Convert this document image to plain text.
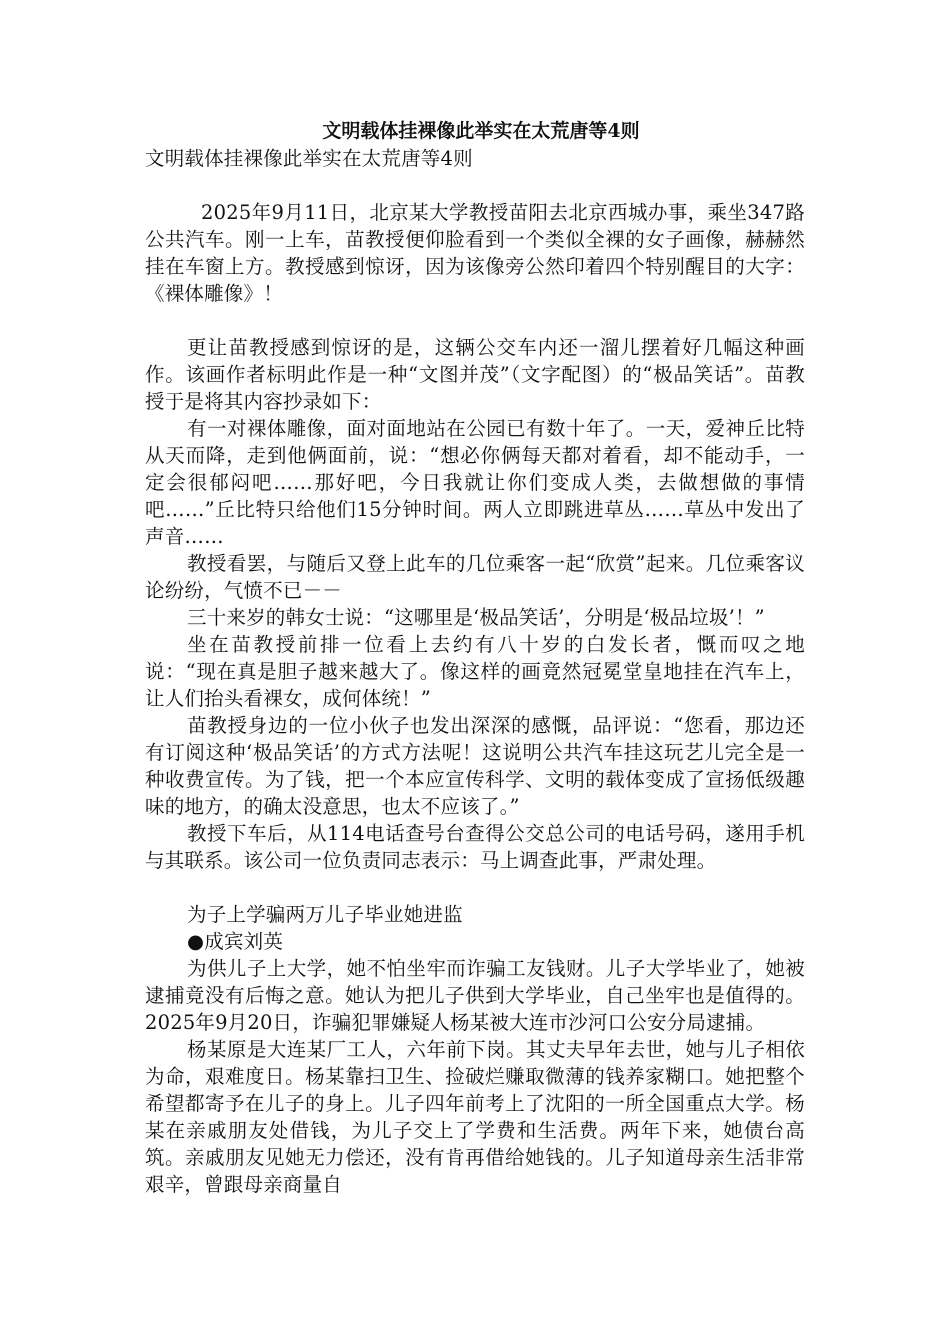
文明载体挂裸像此举实在太荒唐等4则

文明载体挂裸像此举实在太荒唐等4则

2025年9月11日，北京某大学教授苗阳去北京西城办事，乘坐347路公共汽车。刚一上车，苗教授便仰脸看到一个类似全裸的女子画像，赫赫然挂在车窗上方。教授感到惊讶，因为该像旁公然印着四个特别醒目的大字：《裸体雕像》！

更让苗教授感到惊讶的是，这辆公交车内还一溜儿摆着好几幅这种画作。该画作者标明此作是一种“文图并茂”（文字配图）的“极品笑话”。苗教授于是将其内容抄录如下：

有一对裸体雕像，面对面地站在公园已有数十年了。一天，爱神丘比特从天而降，走到他俩面前，说：“想必你俩每天都对着看，却不能动手，一定会很郁闷吧……那好吧，今日我就让你们变成人类，去做想做的事情吧……”丘比特只给他们15分钟时间。两人立即跳进草丛……草丛中发出了声音……

教授看罢，与随后又登上此车的几位乘客一起“欣赏”起来。几位乘客议论纷纷，气愤不已－－

三十来岁的韩女士说：“这哪里是‘极品笑话’，分明是‘极品垃圾’！”

坐在苗教授前排一位看上去约有八十岁的白发长者，慨而叹之地说：“现在真是胆子越来越大了。像这样的画竟然冠冕堂皇地挂在汽车上，让人们抬头看裸女，成何体统！”

苗教授身边的一位小伙子也发出深深的感慨，品评说：“您看，那边还有订阅这种‘极品笑话’的方式方法呢！这说明公共汽车挂这玩艺儿完全是一种收费宣传。为了钱，把一个本应宣传科学、文明的载体变成了宣扬低级趣味的地方，的确太没意思，也太不应该了。”

教授下车后，从114电话查号台查得公交总公司的电话号码，遂用手机与其联系。该公司一位负责同志表示：马上调查此事，严肃处理。

为子上学骗两万儿子毕业她进监

●成宾刘英

为供儿子上大学，她不怕坐牢而诈骗工友钱财。儿子大学毕业了，她被逮捕竟没有后悔之意。她认为把儿子供到大学毕业，自己坐牢也是值得的。2025年9月20日，诈骗犯罪嫌疑人杨某被大连市沙河口公安分局逮捕。

杨某原是大连某厂工人，六年前下岗。其丈夫早年去世，她与儿子相依为命，艰难度日。杨某靠扫卫生、捡破烂赚取微薄的钱养家糊口。她把整个希望都寄予在儿子的身上。儿子四年前考上了沈阳的一所全国重点大学。杨某在亲戚朋友处借钱，为儿子交上了学费和生活费。两年下来，她债台高筑。亲戚朋友见她无力偿还，没有肯再借给她钱的。儿子知道母亲生活非常艰辛，曾跟母亲商量自
